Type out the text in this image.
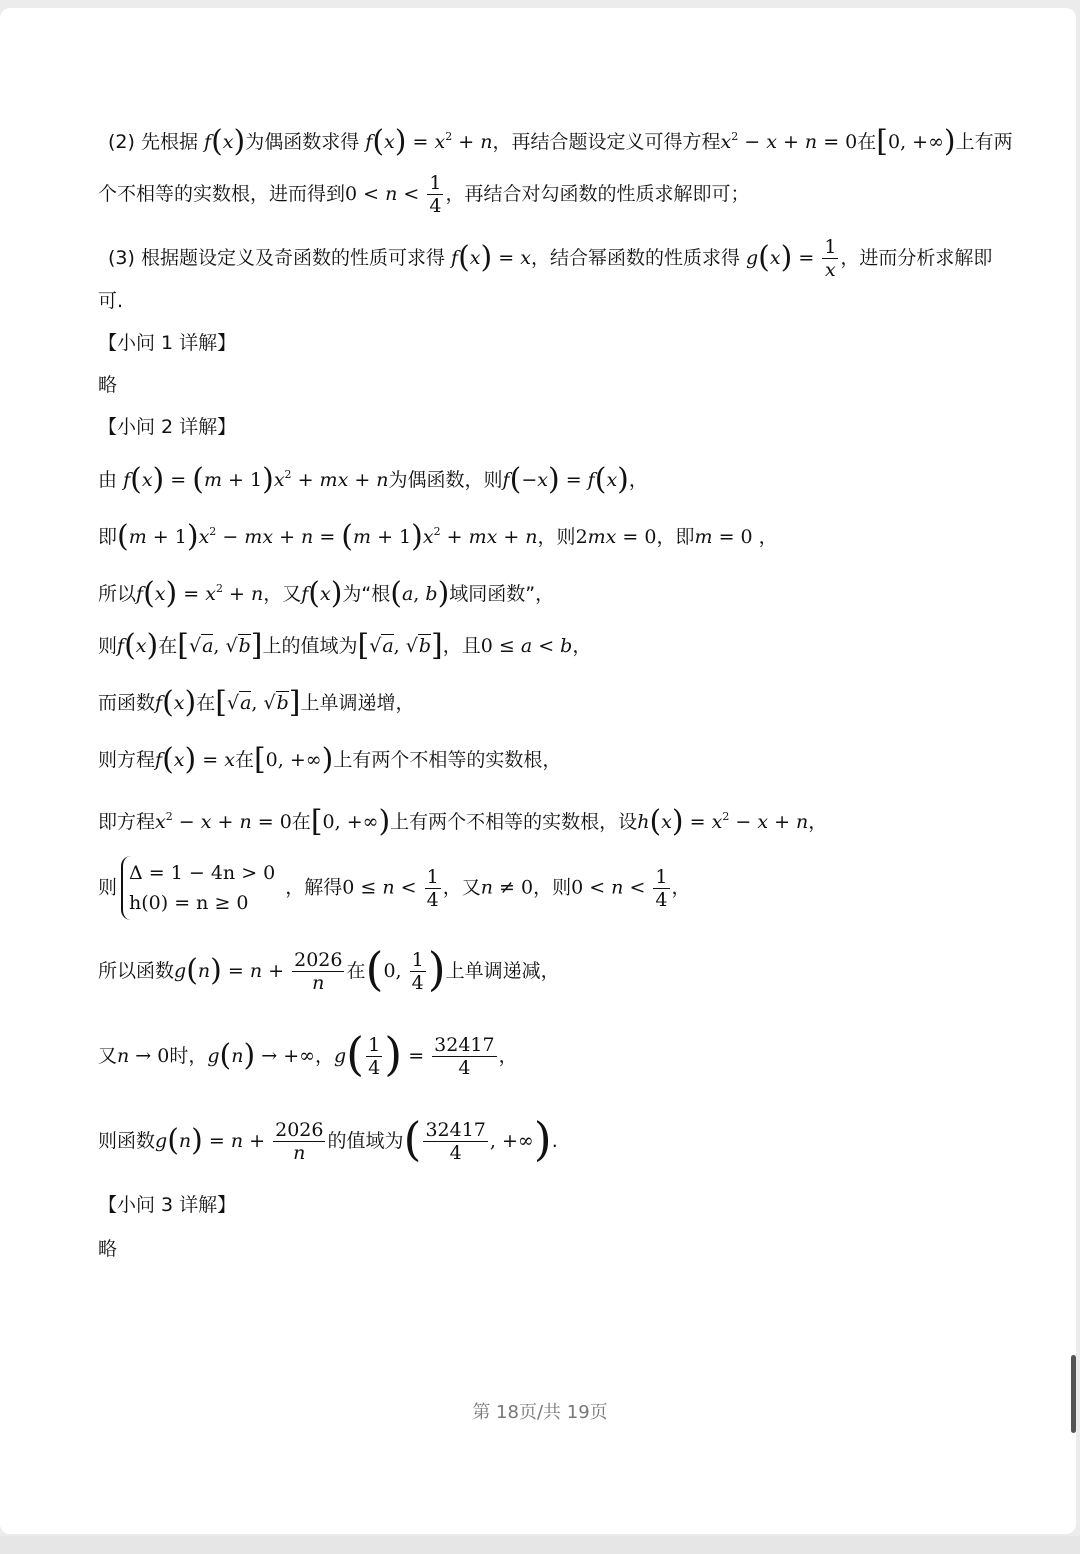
(2) 先根据 f(x)为偶函数求得 $f(x) = x^2 + n$，再结合题设定义可得方程$x^2 - x + n = 0$在[0, +∞)上有两
个不相等的实数根，进而得到$0 < n < \frac{1}{4}$ ，再结合对勾函数的性质求解即可；
(3) 根据题设定义及奇函数的性质可求得 f(x) = x，结合幂函数的性质求得 $g(x) = \frac{1}{x}$ ，进而分析求解即
可.
【小问 1 详解】
略
【小问 2 详解】
由 $f(x) = (m + 1)x^2$ + mx + n为偶函数，则f(−x) = f(x)，
即$(m + 1)x^2$ − mx + $n = (m + 1)x^2$ + mx + n，则2mx = 0，即m = 0 ，
所以$f(x) = x^2 + n$，又f(x)为“根(a, b)域同函数”，
则f(x)在[√a, √b]上的值域为[√a, √b]，且0 ≤ a < b，
而函数f(x)在[√a, √b]上单调递增，
则方程f(x) = x在[0, +∞)上有两个不相等的实数根，
即方程$x^2 - x + n = 0$在[0, +∞)上有两个不相等的实数根，设$h(x) = x^2 - x + n$，
则
Δ = 1 − 4n > 0
h(0) = n ≥ 0
，解得$0 \le n < \frac{1}{4}$ ，又n ≠ 0，则$0 < n < \frac{1}{4}$ ，
所以函数$g(n) = n + \frac{2026}{n}$ 在(0, $\frac{1}{4}$ )上单调递减，
又n → 0时，g(n) → +∞，$g( \frac{1}{4}$ ) = $\frac{32417}{4}$ ，
则函数$g(n) = n + \frac{2026}{n}$ 的值域为( $\frac{32417}{4}$ , +∞).
【小问 3 详解】
略
第 18页/共 19页
